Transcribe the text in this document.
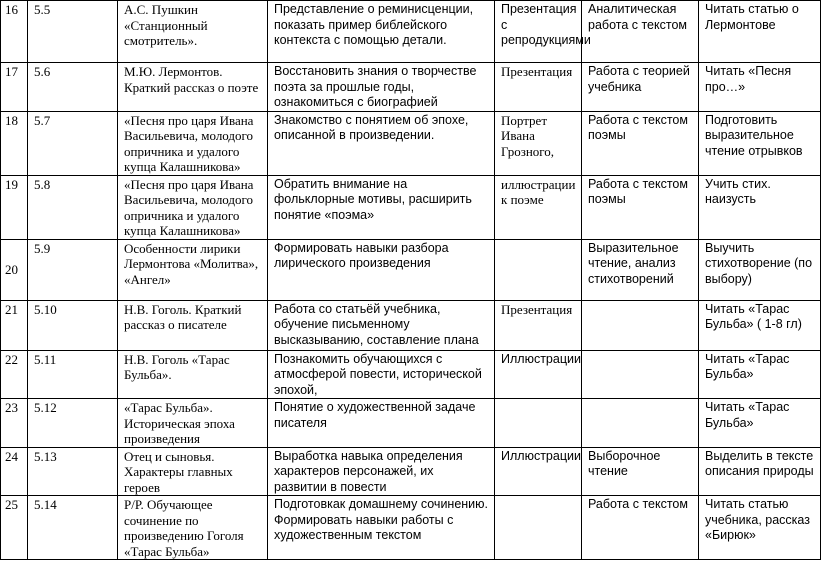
16	5.5	А.С. Пушкин «Станционный смотритель».	Представление о реминисценции, показать пример библейского контекста с помощью детали.	Презентация с репродукциями	Аналитическая работа с текстом	Читать статью о Лермонтове
17	5.6	М.Ю. Лермонтов. Краткий рассказ о поэте	Восстановить знания о творчестве поэта за прошлые годы, ознакомиться с биографией	Презентация	Работа с теорией учебника	Читать «Песня про…»
18	5.7	«Песня про царя Ивана Васильевича, молодого опричника и удалого купца Калашникова»	Знакомство с понятием об эпохе, описанной в произведении.	Портрет Ивана Грозного,	Работа с текстом поэмы	Подготовить выразительное чтение отрывков
19	5.8	«Песня про царя Ивана Васильевича, молодого опричника и удалого купца Калашникова»	Обратить внимание на фольклорные мотивы, расширить понятие «поэма»	иллюстрации к поэме	Работа с текстом поэмы	Учить стих. наизусть
20	5.9	Особенности лирики Лермонтова «Молитва», «Ангел»	Формировать навыки разбора лирического произведения		Выразительное чтение, анализ стихотворений	Выучить стихотворение (по выбору)
21	5.10	Н.В. Гоголь. Краткий рассказ о писателе	Работа со статьёй учебника, обучение письменному высказыванию, составление плана	Презентация		Читать «Тарас Бульба» ( 1-8 гл)
22	5.11	Н.В. Гоголь «Тарас Бульба».	Познакомить обучающихся с атмосферой повести, исторической эпохой,	Иллюстрации		Читать «Тарас Бульба»
23	5.12	«Тарас Бульба». Историческая эпоха произведения	Понятие о художественной задаче писателя			Читать «Тарас Бульба»
24	5.13	Отец и сыновья. Характеры главных героев	Выработка навыка определения характеров персонажей, их развитии в повести	Иллюстрации	Выборочное чтение	Выделить в тексте описания природы
25	5.14	Р/Р. Обучающее сочинение по произведению Гоголя «Тарас Бульба»	Подготовкак домашнему сочинению. Формировать навыки работы с художественным текстом		Работа с текстом	Читать статью учебника, рассказ «Бирюк»
